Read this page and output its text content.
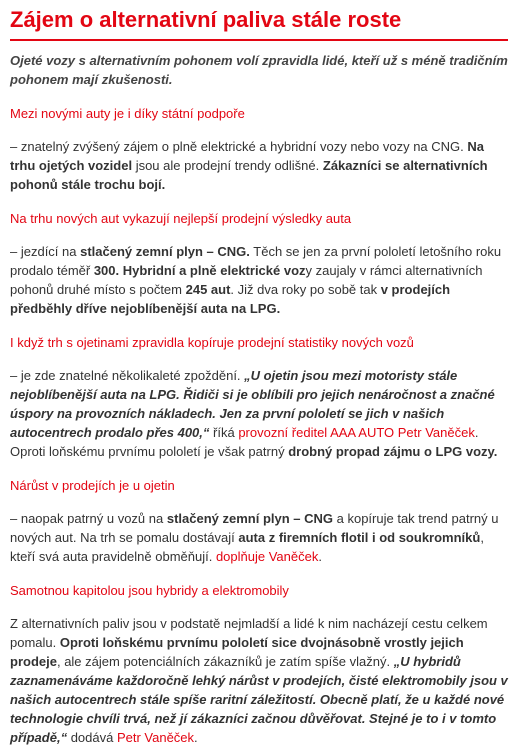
Zájem o alternativní paliva stále roste

Ojeté vozy s alternativním pohonem volí zpravidla lidé, kteří už s méně tradičním pohonem mají zkušenosti.

Mezi novými auty je i díky státní podpoře

– znatelný zvýšený zájem o plně elektrické a hybridní vozy nebo vozy na CNG. Na trhu ojetých vozidel jsou ale prodejní trendy odlišné. Zákazníci se alternativních pohonů stále trochu bojí.

Na trhu nových aut vykazují nejlepší prodejní výsledky auta

– jezdící na stlačený zemní plyn – CNG. Těch se jen za první pololetí letošního roku prodalo téměř 300. Hybridní a plně elektrické vozy zaujaly v rámci alternativních pohonů druhé místo s počtem 245 aut. Již dva roky po sobě tak v prodejích předběhly dříve nejoblíbenější auta na LPG.

I když trh s ojetinami zpravidla kopíruje prodejní statistiky nových vozů

– je zde znatelné několikaleté zpoždění. „U ojetin jsou mezi motoristy stále nejoblíbenější auta na LPG. Řidiči si je oblíbili pro jejich nenáročnost a značné úspory na provozních nákladech. Jen za první pololetí se jich v našich autocentrech prodalo přes 400,“ říká provozní ředitel AAA AUTO Petr Vaněček. Oproti loňskému prvnímu pololetí je však patrný drobný propad zájmu o LPG vozy.

Nárůst v prodejích je u ojetin

– naopak patrný u vozů na stlačený zemní plyn – CNG a kopíruje tak trend patrný u nových aut. Na trh se pomalu dostávají auta z firemních flotil i od soukromníků, kteří svá auta pravidelně obměňují. doplňuje Vaněček.

Samotnou kapitolou jsou hybridy a elektromobily

Z alternativních paliv jsou v podstatě nejmladší a lidé k nim nacházejí cestu celkem pomalu. Oproti loňskému prvnímu pololetí sice dvojnásobně vrostly jejich prodeje, ale zájem potenciálních zákazníků je zatím spíše vlažný. „U hybridů zaznamenáváme každoročně lehký nárůst v prodejích, čisté elektromobily jsou v našich autocentrech stále spíše raritní záležitostí. Obecně platí, že u každé nové technologie chvíli trvá, než jí zákazníci začnou důvěřovat. Stejné je to i v tomto případě,“ dodává Petr Vaněček.
